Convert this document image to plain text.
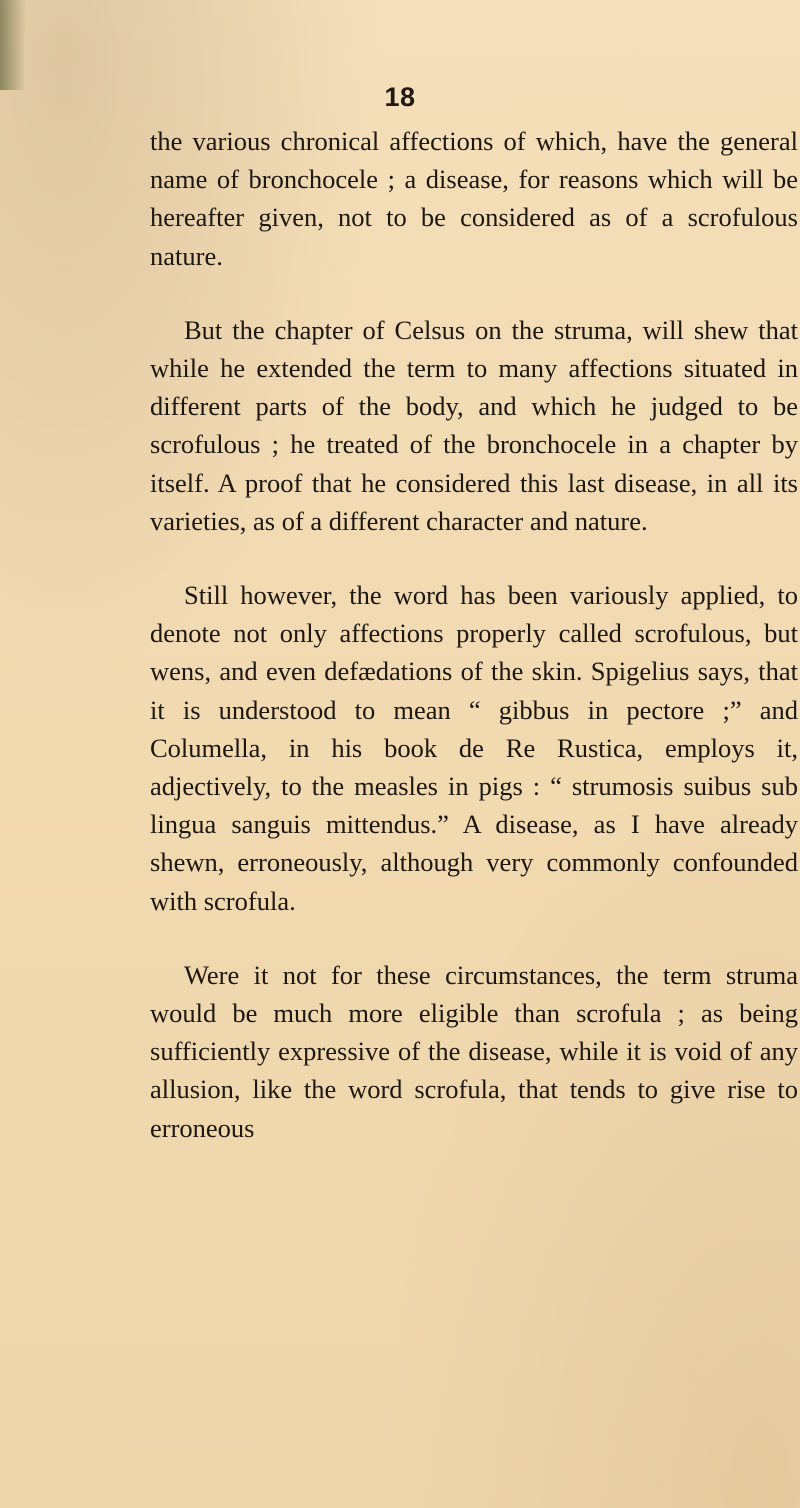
18

the various chronical affections of which, have the general name of bronchocele ; a disease, for reasons which will be hereafter given, not to be considered as of a scrofulous nature.

But the chapter of Celsus on the struma, will shew that while he extended the term to many affections situated in different parts of the body, and which he judged to be scrofulous ; he treated of the bronchocele in a chapter by itself. A proof that he considered this last disease, in all its varieties, as of a different character and nature.

Still however, the word has been variously applied, to denote not only affections properly called scrofulous, but wens, and even defædations of the skin. Spigelius says, that it is understood to mean “ gibbus in pectore ;” and Columella, in his book de Re Rustica, employs it, adjectively, to the measles in pigs : “ strumosis suibus sub lingua sanguis mittendus.” A disease, as I have already shewn, erroneously, although very commonly confounded with scrofula.

Were it not for these circumstances, the term struma would be much more eligible than scrofula ; as being sufficiently expressive of the disease, while it is void of any allusion, like the word scrofula, that tends to give rise to erroneous
